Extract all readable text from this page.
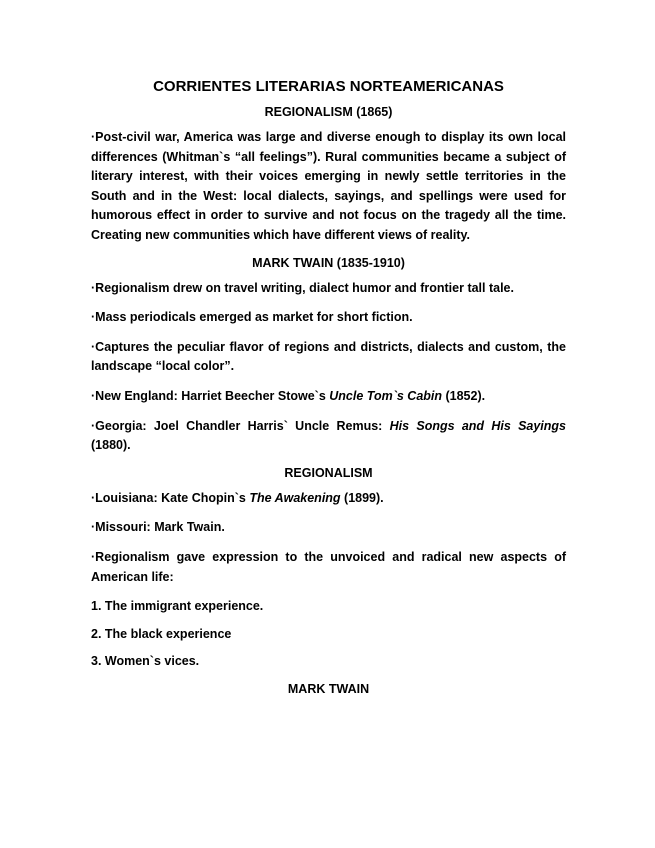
CORRIENTES LITERARIAS NORTEAMERICANAS
REGIONALISM (1865)

·Post-civil war, America was large and diverse enough to display its own local differences (Whitman`s “all feelings”). Rural communities became a subject of literary interest, with their voices emerging in newly settle territories in the South and in the West: local dialects, sayings, and spellings were used for humorous effect in order to survive and not focus on the tragedy all the time. Creating new communities which have different views of reality.

MARK TWAIN (1835-1910)

·Regionalism drew on travel writing, dialect humor and frontier tall tale.

·Mass periodicals emerged as market for short fiction.

·Captures the peculiar flavor of regions and districts, dialects and custom, the landscape “local color”.

·New England: Harriet Beecher Stowe`s Uncle Tom`s Cabin (1852).

·Georgia: Joel Chandler Harris` Uncle Remus: His Songs and His Sayings (1880).

REGIONALISM

·Louisiana: Kate Chopin`s The Awakening (1899).

·Missouri: Mark Twain.

·Regionalism gave expression to the unvoiced and radical new aspects of American life:

1. The immigrant experience.

2. The black experience

3. Women`s vices.

MARK TWAIN
